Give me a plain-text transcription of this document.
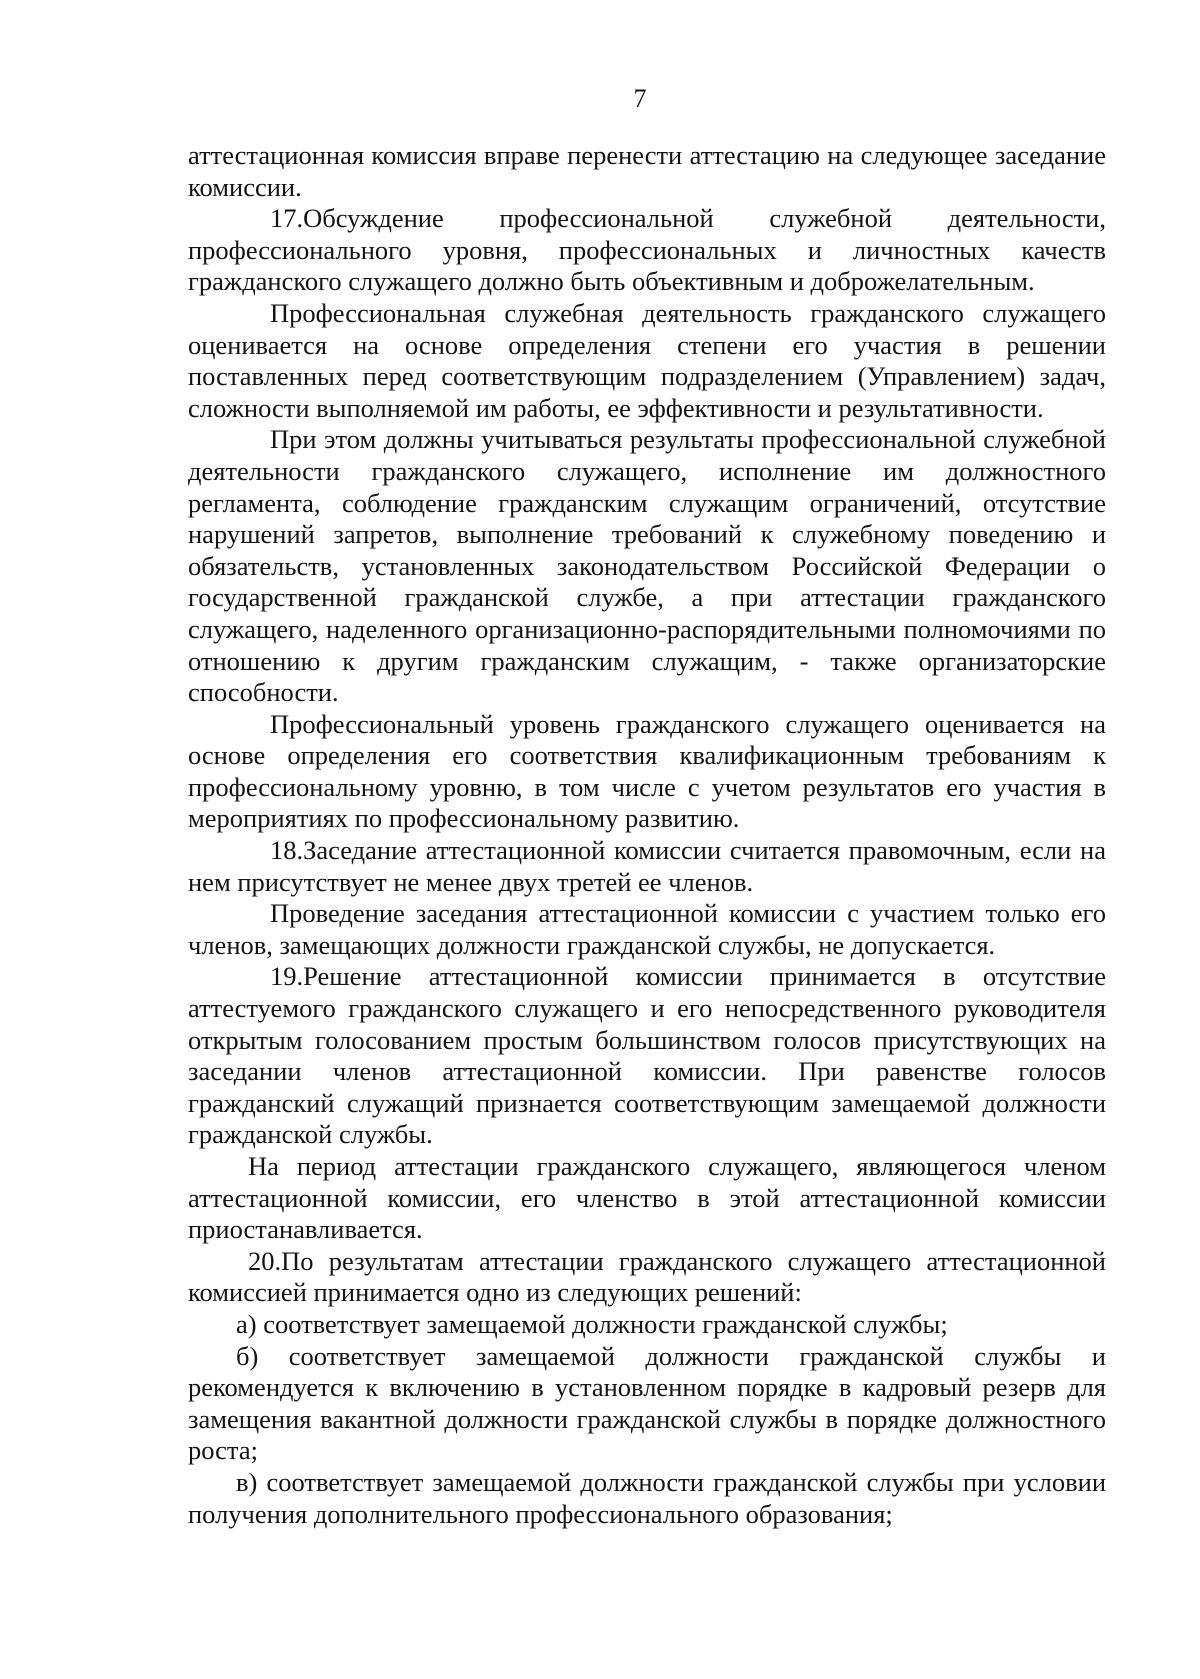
7

аттестационная комиссия вправе перенести аттестацию на следующее заседание комиссии.

17.Обсуждение профессиональной служебной деятельности, профессионального уровня, профессиональных и личностных качеств гражданского служащего должно быть объективным и доброжелательным.

Профессиональная служебная деятельность гражданского служащего оценивается на основе определения степени его участия в решении поставленных перед соответствующим подразделением (Управлением) задач, сложности выполняемой им работы, ее эффективности и результативности.

При этом должны учитываться результаты профессиональной служебной деятельности гражданского служащего, исполнение им должностного регламента, соблюдение гражданским служащим ограничений, отсутствие нарушений запретов, выполнение требований к служебному поведению и обязательств, установленных законодательством Российской Федерации о государственной гражданской службе, а при аттестации гражданского служащего, наделенного организационно-распорядительными полномочиями по отношению к другим гражданским служащим, - также организаторские способности.

Профессиональный уровень гражданского служащего оценивается на основе определения его соответствия квалификационным требованиям к профессиональному уровню, в том числе с учетом результатов его участия в мероприятиях по профессиональному развитию.

18.Заседание аттестационной комиссии считается правомочным, если на нем присутствует не менее двух третей ее членов.

Проведение заседания аттестационной комиссии с участием только его членов, замещающих должности гражданской службы, не допускается.

19.Решение аттестационной комиссии принимается в отсутствие аттестуемого гражданского служащего и его непосредственного руководителя открытым голосованием простым большинством голосов присутствующих на заседании членов аттестационной комиссии. При равенстве голосов гражданский служащий признается соответствующим замещаемой должности гражданской службы.

На период аттестации гражданского служащего, являющегося членом аттестационной комиссии, его членство в этой аттестационной комиссии приостанавливается.

20.По результатам аттестации гражданского служащего аттестационной комиссией принимается одно из следующих решений:

а) соответствует замещаемой должности гражданской службы;

б) соответствует замещаемой должности гражданской службы и рекомендуется к включению в установленном порядке в кадровый резерв для замещения вакантной должности гражданской службы в порядке должностного роста;

в) соответствует замещаемой должности гражданской службы при условии получения дополнительного профессионального образования;
